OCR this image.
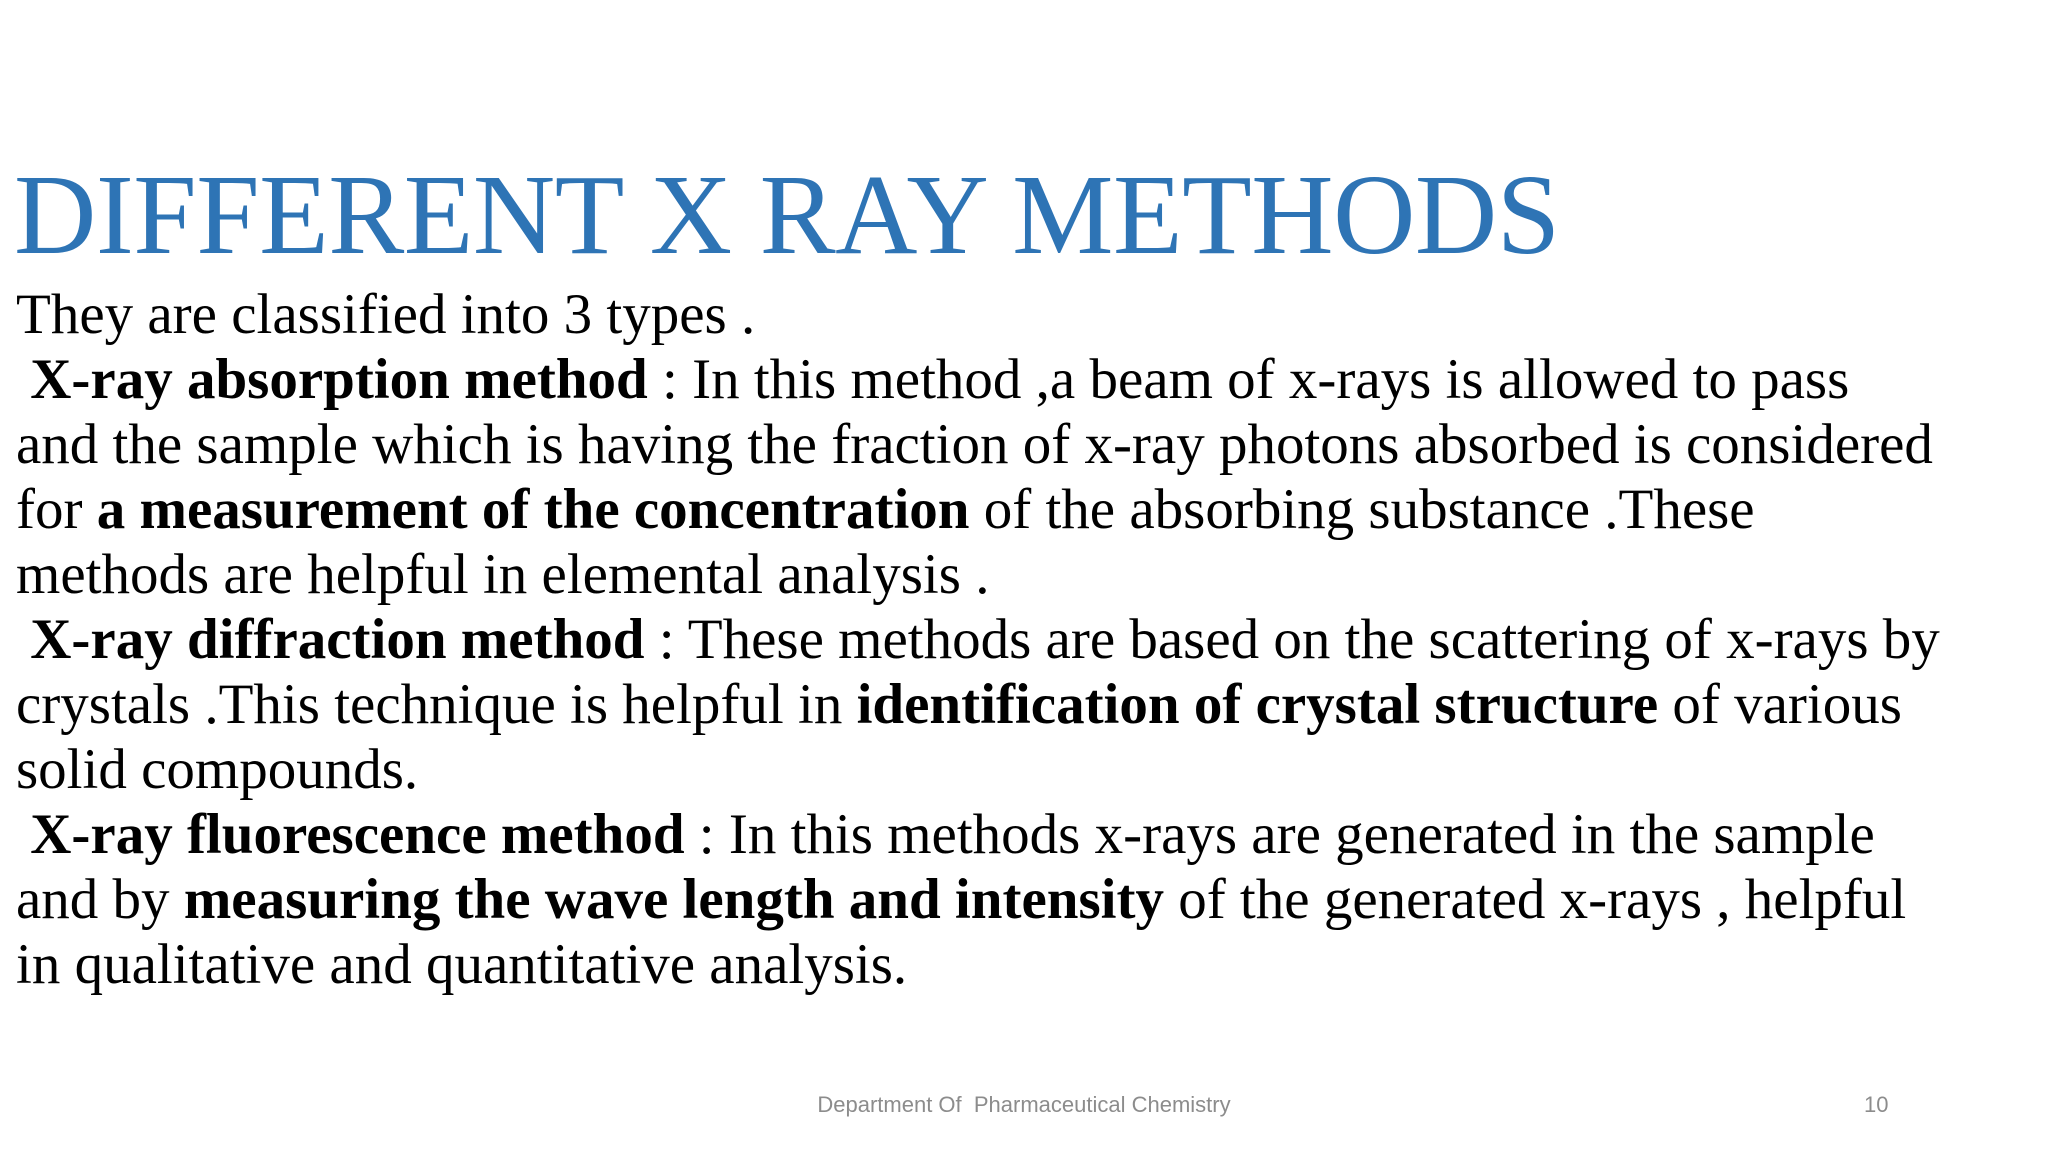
DIFFERENT X RAY METHODS
They are classified into 3 types .
X-ray absorption method : In this method ,a beam of x-rays is allowed to pass
and the sample which is having the fraction of x-ray photons absorbed is considered
for a measurement of the concentration of the absorbing substance .These
methods are helpful in elemental analysis .
X-ray diffraction method : These methods are based on the scattering of x-rays by
crystals .This technique is helpful in identification of crystal structure of various
solid compounds.
X-ray fluorescence method : In this methods x-rays are generated in the sample
and by measuring the wave length and intensity of the generated x-rays , helpful
in qualitative and quantitative analysis.
Department Of  Pharmaceutical Chemistry	10
